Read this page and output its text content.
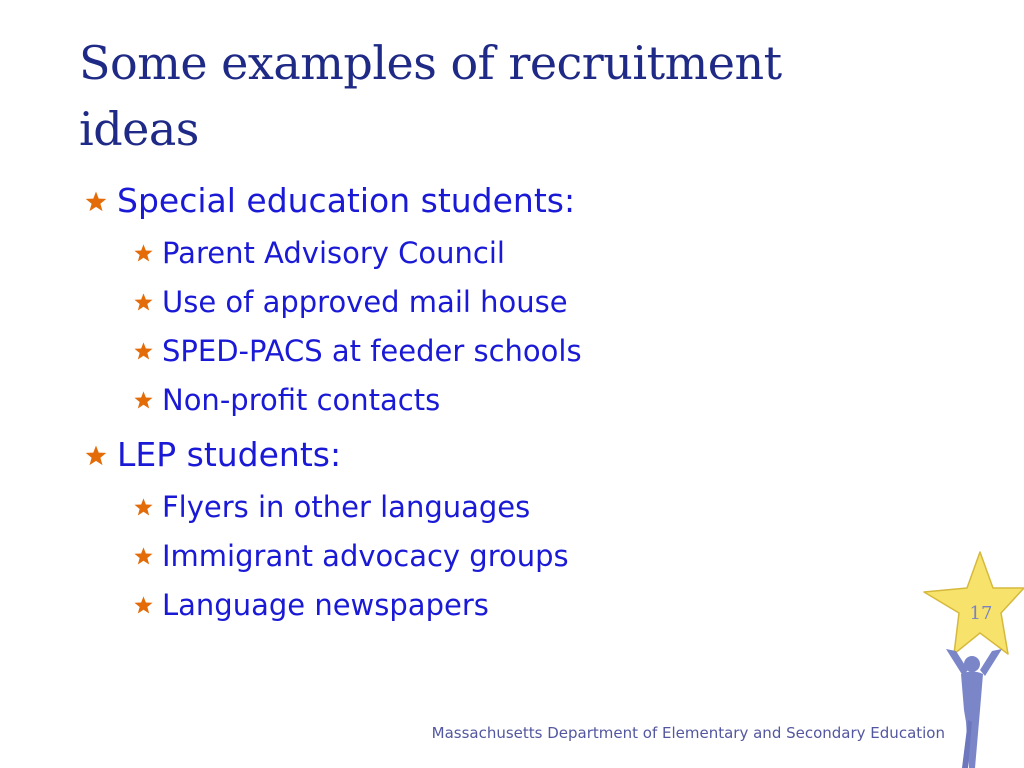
Some examples of recruitment ideas
Special education students:
Parent Advisory Council
Use of approved mail house
SPED-PACS at feeder schools
Non-profit contacts
LEP students:
Flyers in other languages
Immigrant advocacy groups
Language newspapers	17
Massachusetts Department of Elementary and Secondary Education
